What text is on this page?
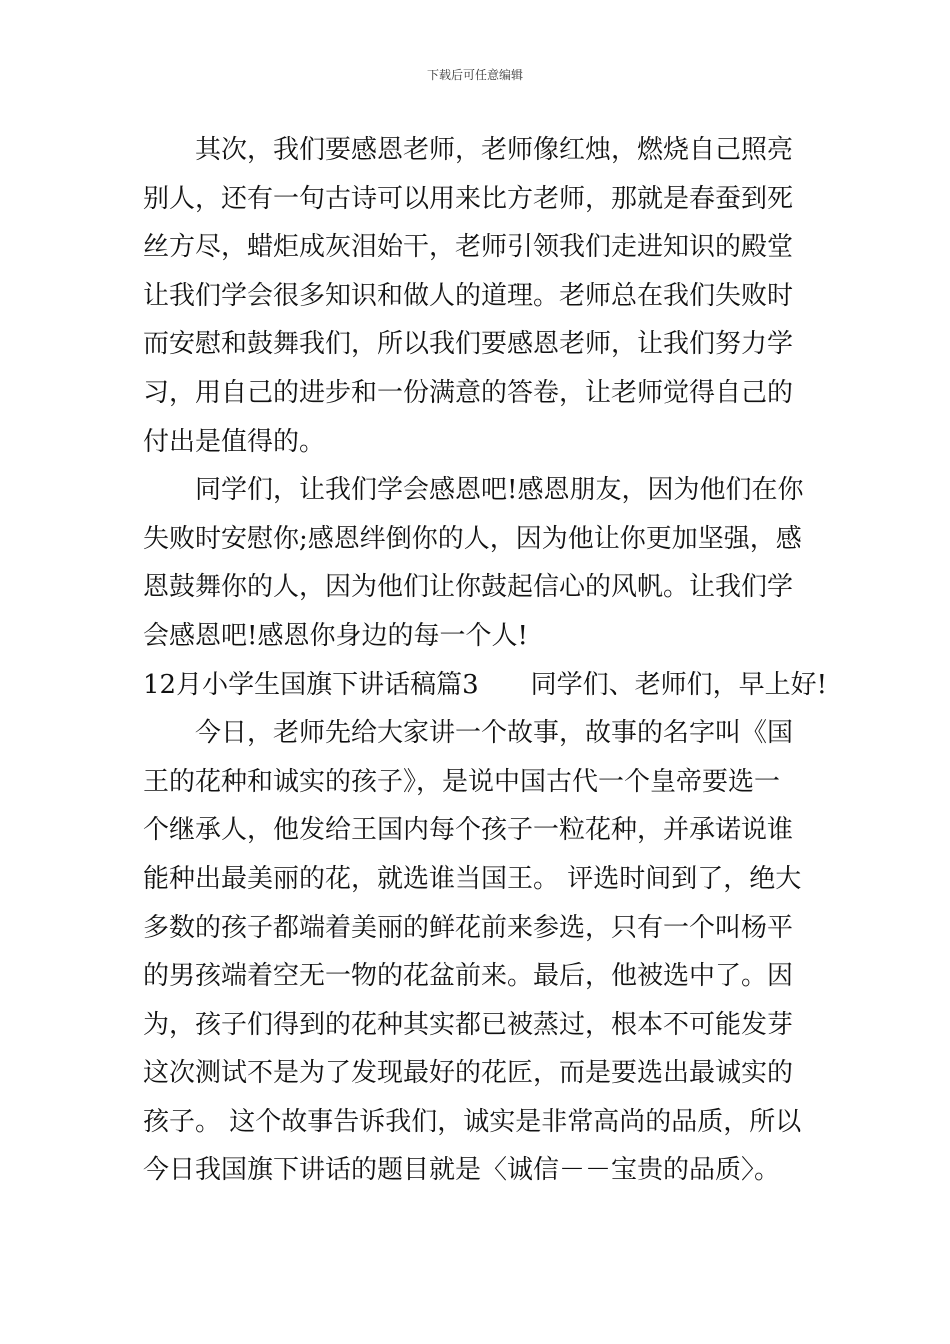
下载后可任意编辑
其次，我们要感恩老师，老师像红烛，燃烧自己照亮
别人，还有一句古诗可以用来比方老师，那就是春蚕到死
丝方尽，蜡炬成灰泪始干，老师引领我们走进知识的殿堂
让我们学会很多知识和做人的道理。老师总在我们失败时
而安慰和鼓舞我们，所以我们要感恩老师，让我们努力学
习，用自己的进步和一份满意的答卷，让老师觉得自己的
付出是值得的。
同学们，让我们学会感恩吧!感恩朋友，因为他们在你
失败时安慰你;感恩绊倒你的人，因为他让你更加坚强，感
恩鼓舞你的人，因为他们让你鼓起信心的风帆。让我们学
会感恩吧!感恩你身边的每一个人!
12月小学生国旗下讲话稿篇3　　同学们、老师们，早上好!
今日，老师先给大家讲一个故事，故事的名字叫《国
王的花种和诚实的孩子》，是说中国古代一个皇帝要选一
个继承人，他发给王国内每个孩子一粒花种，并承诺说谁
能种出最美丽的花，就选谁当国王。 评选时间到了，绝大
多数的孩子都端着美丽的鲜花前来参选，只有一个叫杨平
的男孩端着空无一物的花盆前来。最后，他被选中了。因
为，孩子们得到的花种其实都已被蒸过，根本不可能发芽
这次测试不是为了发现最好的花匠，而是要选出最诚实的
孩子。 这个故事告诉我们，诚实是非常高尚的品质，所以
今日我国旗下讲话的题目就是〈诚信－－宝贵的品质〉。
